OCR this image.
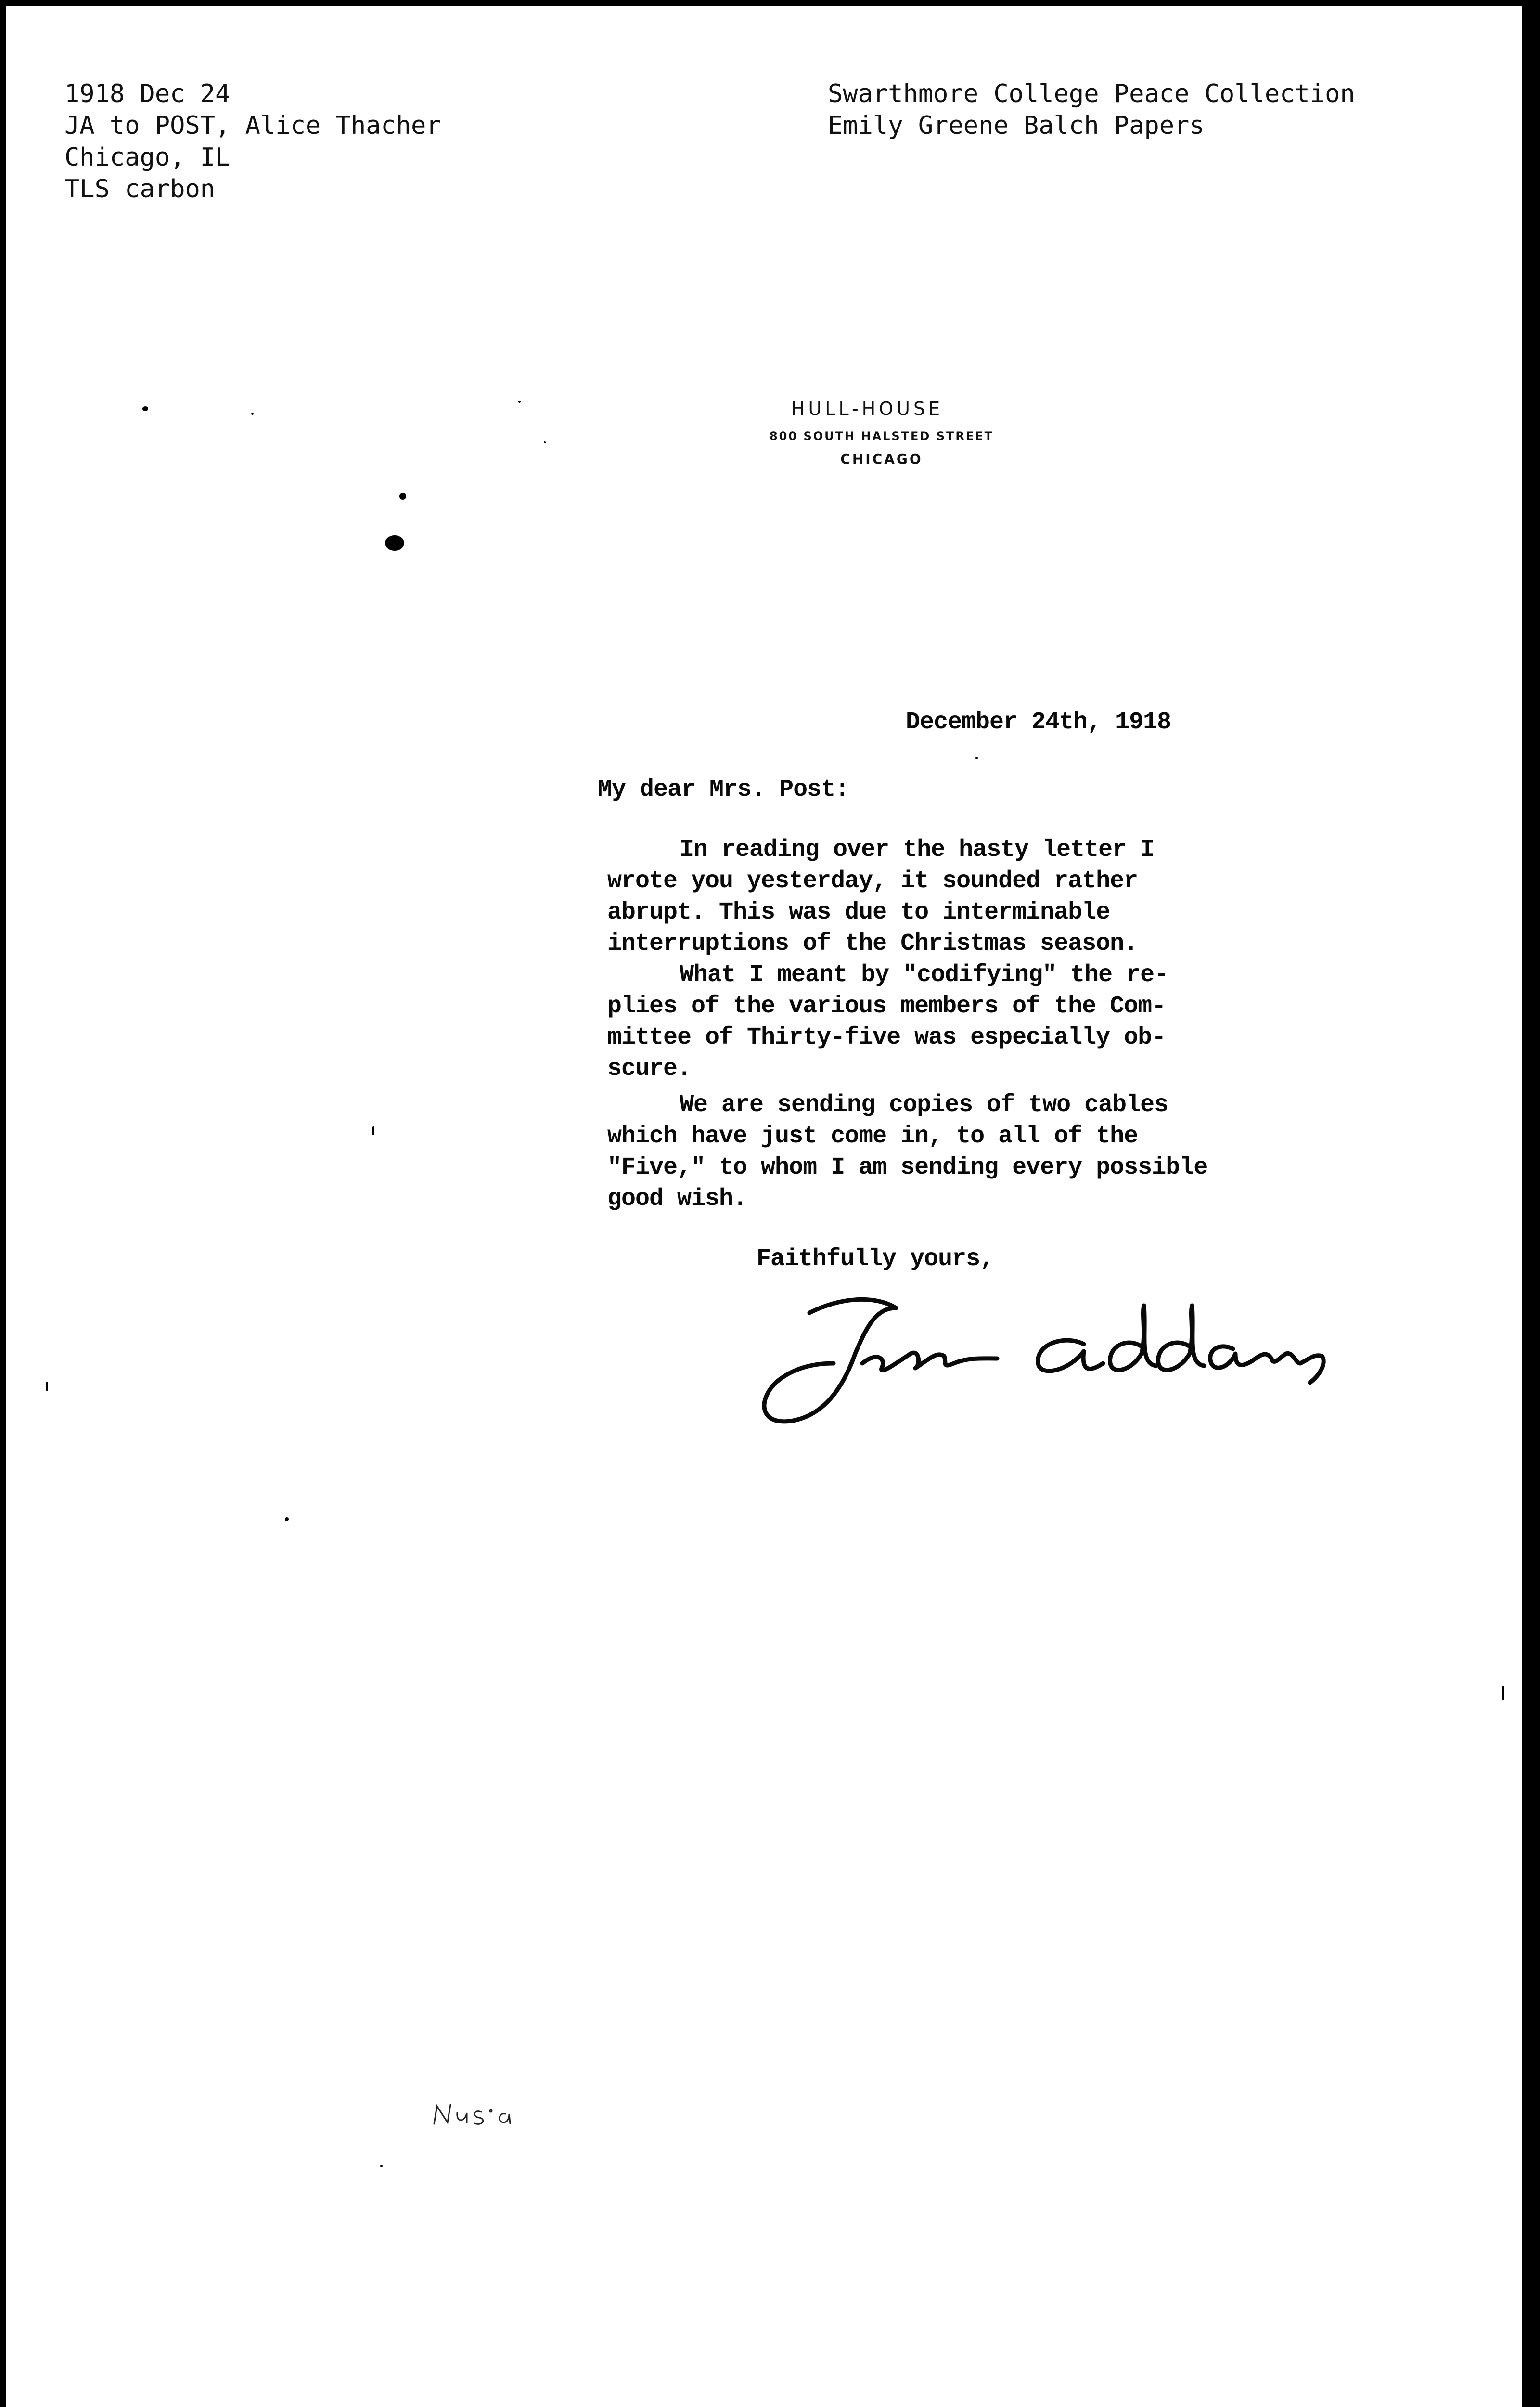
1918 Dec 24
JA to POST, Alice Thacher
Chicago, IL
TLS carbon
Swarthmore College Peace Collection
Emily Greene Balch Papers
HULL-HOUSE
800 SOUTH HALSTED STREET
CHICAGO
December 24th, 1918
My dear Mrs. Post:
In reading over the hasty letter I
wrote you yesterday, it sounded rather
abrupt. This was due to interminable
interruptions of the Christmas season.
What I meant by "codifying" the re-
plies of the various members of the Com-
mittee of Thirty-five was especially ob-
scure.
We are sending copies of two cables
which have just come in, to all of the
"Five," to whom I am sending every possible
good wish.
Faithfully yours,
